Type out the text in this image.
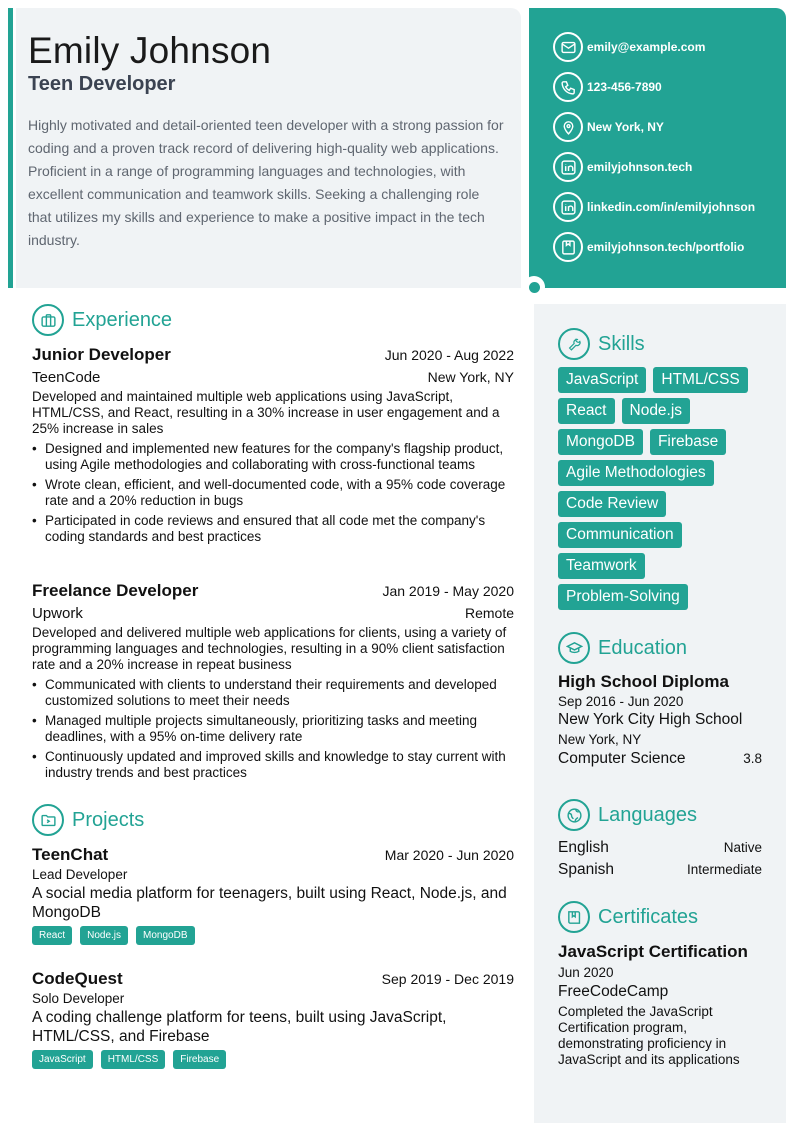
Emily Johnson
Teen Developer
Highly motivated and detail-oriented teen developer with a strong passion for coding and a proven track record of delivering high-quality web applications. Proficient in a range of programming languages and technologies, with excellent communication and teamwork skills. Seeking a challenging role that utilizes my skills and experience to make a positive impact in the tech industry.
emily@example.com
123-456-7890
New York, NY
emilyjohnson.tech
linkedin.com/in/emilyjohnson
emilyjohnson.tech/portfolio
Experience
Junior Developer	Jun 2020 - Aug 2022
TeenCode	New York, NY
Developed and maintained multiple web applications using JavaScript, HTML/CSS, and React, resulting in a 30% increase in user engagement and a 25% increase in sales
• Designed and implemented new features for the company's flagship product, using Agile methodologies and collaborating with cross-functional teams
• Wrote clean, efficient, and well-documented code, with a 95% code coverage rate and a 20% reduction in bugs
• Participated in code reviews and ensured that all code met the company's coding standards and best practices
Freelance Developer	Jan 2019 - May 2020
Upwork	Remote
Developed and delivered multiple web applications for clients, using a variety of programming languages and technologies, resulting in a 90% client satisfaction rate and a 20% increase in repeat business
• Communicated with clients to understand their requirements and developed customized solutions to meet their needs
• Managed multiple projects simultaneously, prioritizing tasks and meeting deadlines, with a 95% on-time delivery rate
• Continuously updated and improved skills and knowledge to stay current with industry trends and best practices
Projects
TeenChat	Mar 2020 - Jun 2020
Lead Developer
A social media platform for teenagers, built using React, Node.js, and MongoDB
React	Node.js	MongoDB
CodeQuest	Sep 2019 - Dec 2019
Solo Developer
A coding challenge platform for teens, built using JavaScript, HTML/CSS, and Firebase
JavaScript	HTML/CSS	Firebase
Skills
JavaScript	HTML/CSS
React	Node.js
MongoDB	Firebase
Agile Methodologies
Code Review
Communication
Teamwork
Problem-Solving
Education
High School Diploma
Sep 2016 - Jun 2020
New York City High School
New York, NY
Computer Science	3.8
Languages
English	Native
Spanish	Intermediate
Certificates
JavaScript Certification
Jun 2020
FreeCodeCamp
Completed the JavaScript Certification program, demonstrating proficiency in JavaScript and its applications
